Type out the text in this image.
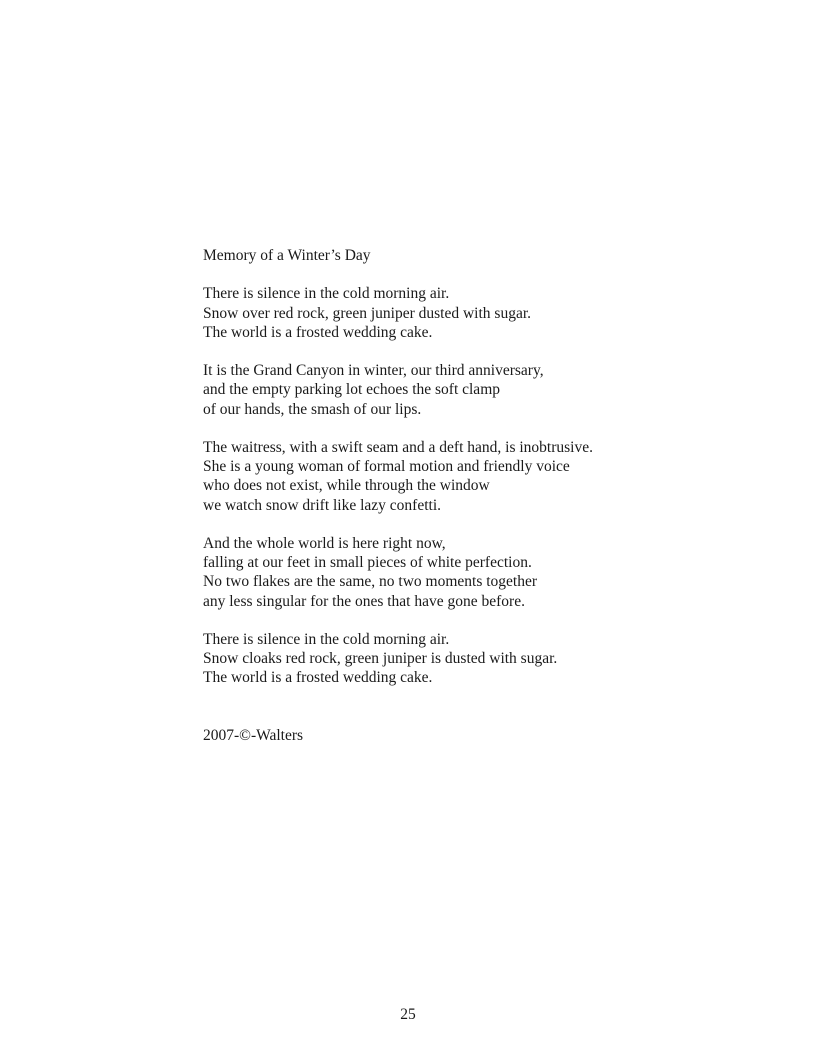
Memory of a Winter’s Day
There is silence in the cold morning air.
Snow over red rock, green juniper dusted with sugar.
The world is a frosted wedding cake.
It is the Grand Canyon in winter, our third anniversary,
and the empty parking lot echoes the soft clamp
of our hands, the smash of our lips.
The waitress, with a swift seam and a deft hand, is inobtrusive.
She is a young woman of formal motion and friendly voice
who does not exist, while through the window
we watch snow drift like lazy confetti.
And the whole world is here right now,
falling at our feet in small pieces of white perfection.
No two flakes are the same, no two moments together
any less singular for the ones that have gone before.
There is silence in the cold morning air.
Snow cloaks red rock, green juniper is dusted with sugar.
The world is a frosted wedding cake.
2007-©-Walters
25
